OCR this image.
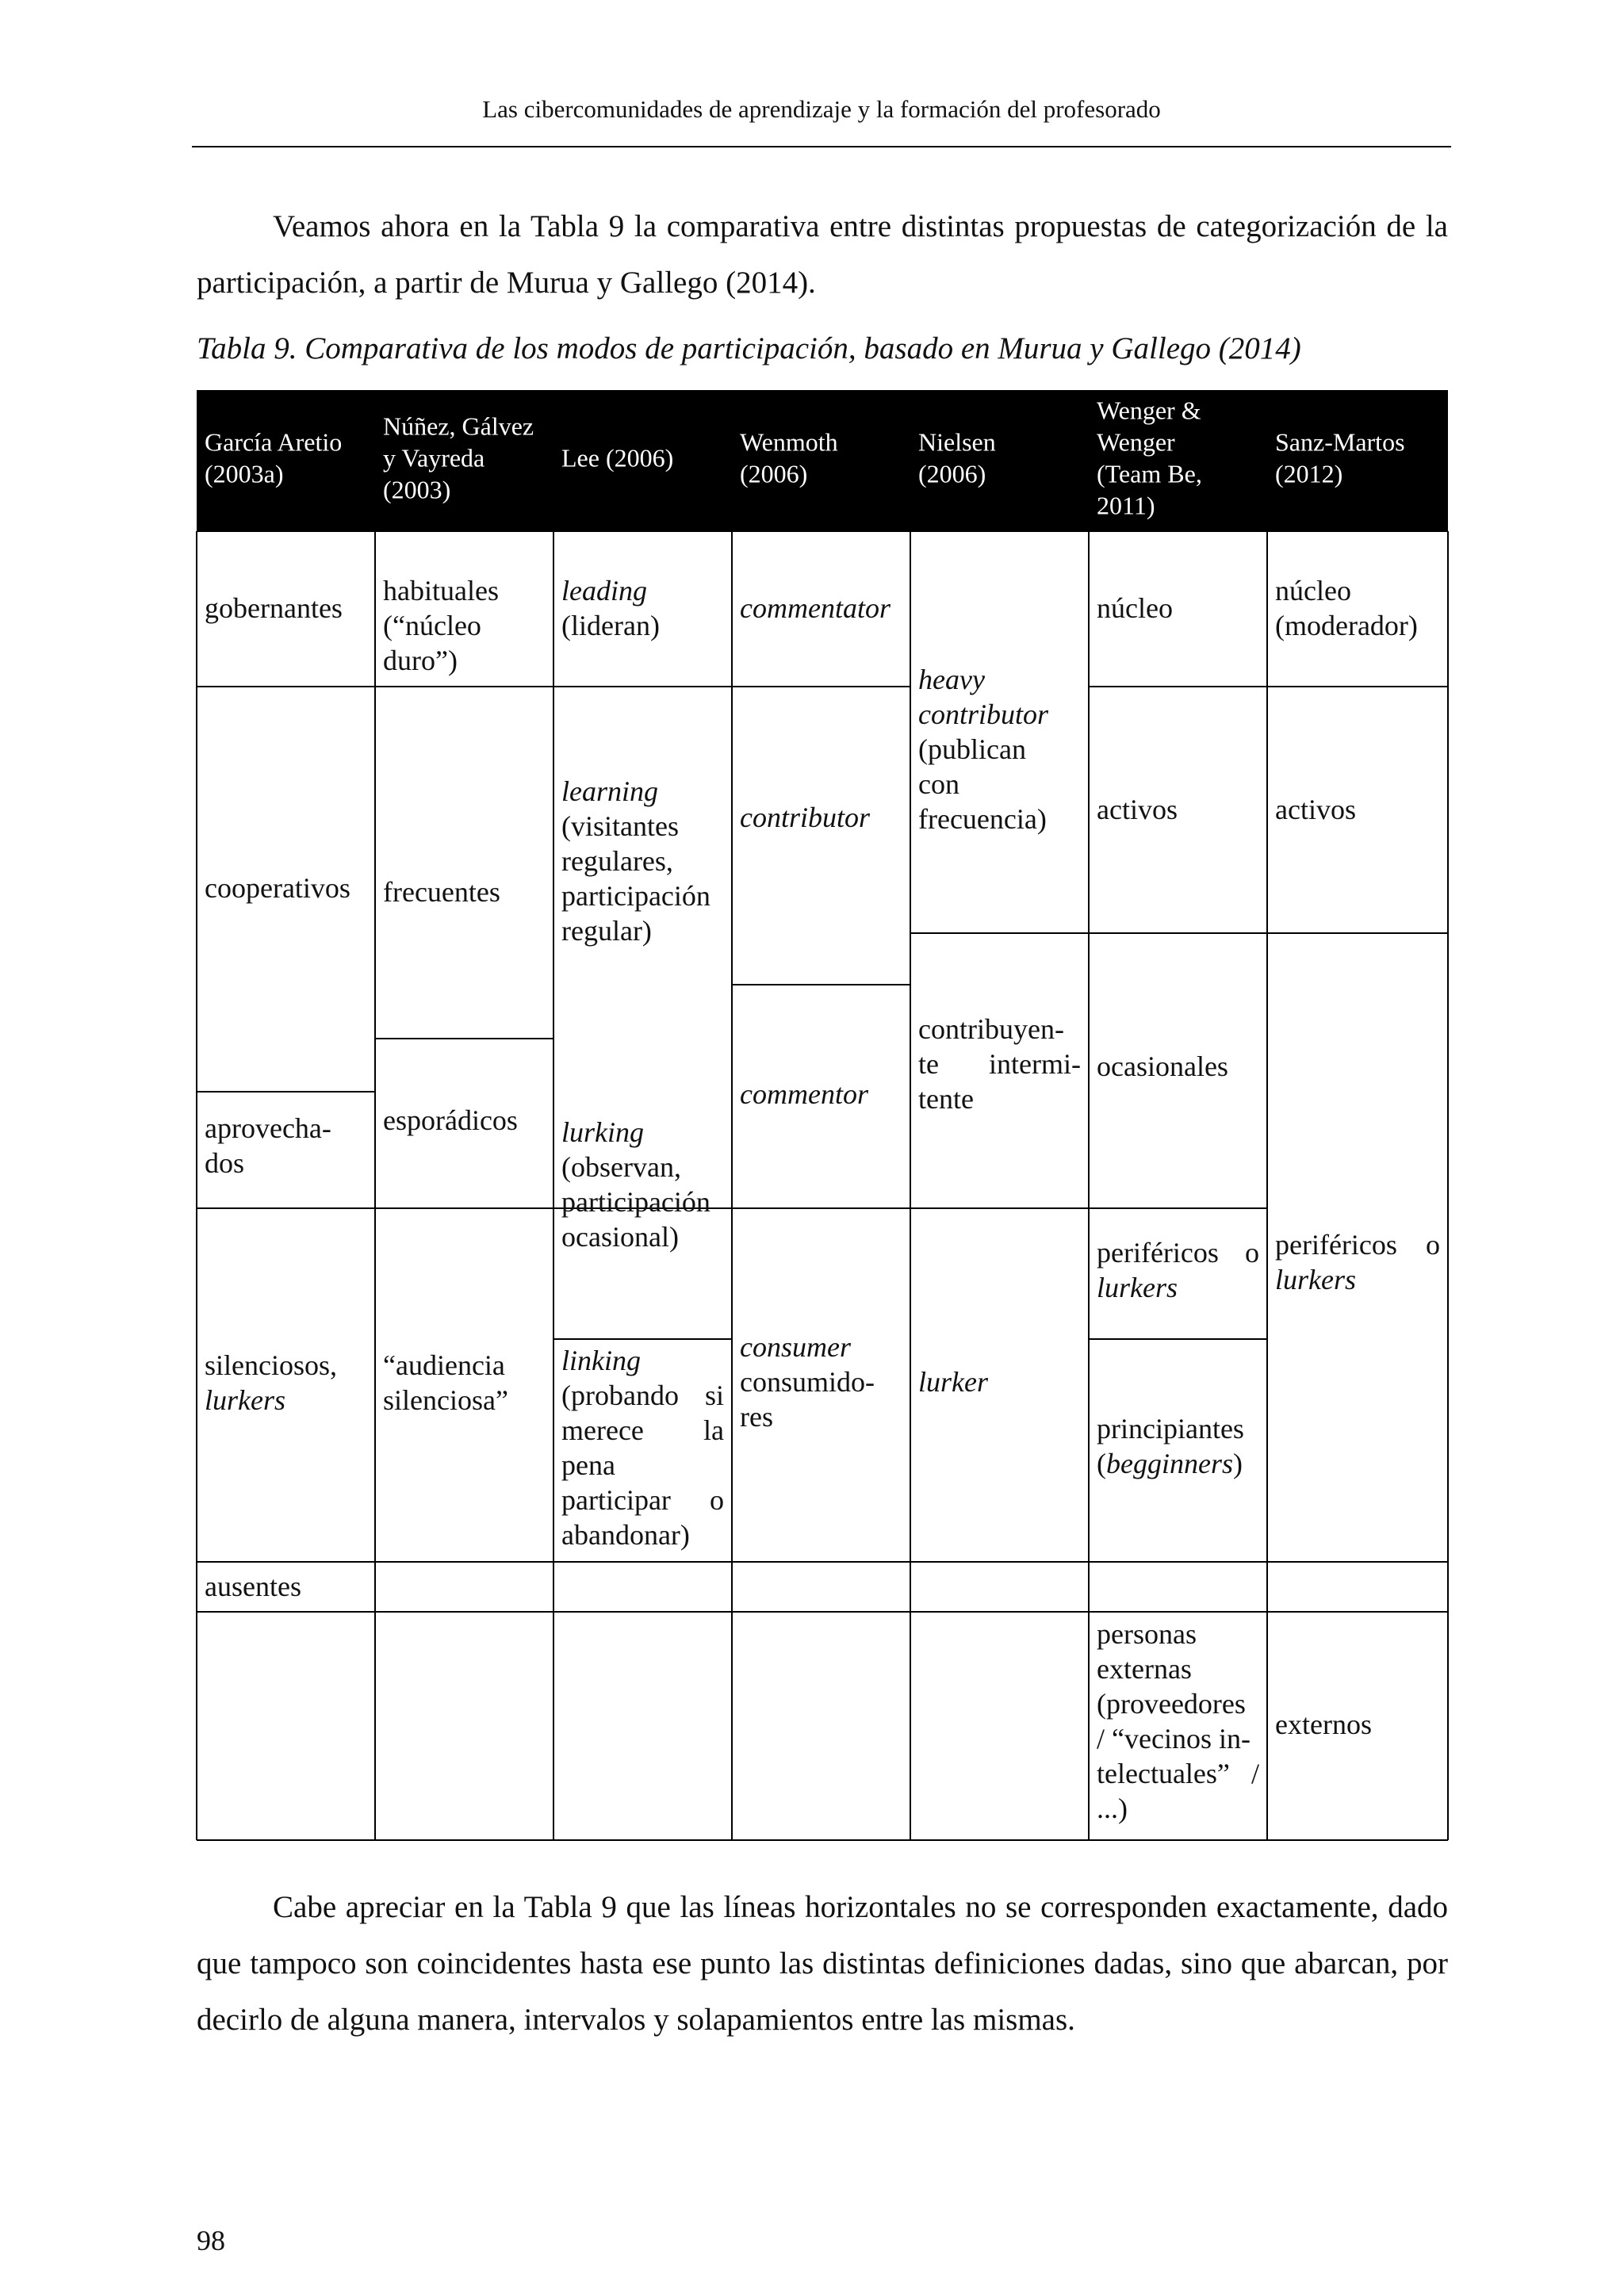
Las cibercomunidades de aprendizaje y la formación del profesorado

Veamos ahora en la Tabla 9 la comparativa entre distintas propuestas de categorización de la participación, a partir de Murua y Gallego (2014).

Tabla 9. Comparativa de los modos de participación, basado en Murua y Gallego (2014)
García Aretio
(2003a)
Núñez, Gálvez
y Vayreda
(2003)
Lee (2006)
Wenmoth
(2006)
Nielsen
(2006)
Wenger &
Wenger
(Team Be,
2011)
Sanz-Martos
(2012)
gobernantes
cooperativos
aprovecha-
dos
silenciosos,
lurkers
ausentes
habituales
(“núcleo
duro”)
frecuentes
esporádicos
“audiencia
silenciosa”
leading
(lideran)
learning
(visitantes
regulares,
participación
regular)
lurking
(observan,
participación
ocasional)
linking
(probando si
merece la
pena
participar o
abandonar)
commentator
contributor
commentor
consumer
consumido-
res
heavy
contributor
(publican
con
frecuencia)
contribuyen-
te intermi-
tente
lurker
núcleo
activos
ocasionales
periféricos o
lurkers
principiantes
(begginners)
personas
externas
(proveedores
/ “vecinos in-
telectuales” /
...)
núcleo
(moderador)
activos
periféricos o
lurkers
externos

Cabe apreciar en la Tabla 9 que las líneas horizontales no se corresponden exactamente, dado que tampoco son coincidentes hasta ese punto las distintas definiciones dadas, sino que abarcan, por decirlo de alguna manera, intervalos y solapamientos entre las mismas.

98
